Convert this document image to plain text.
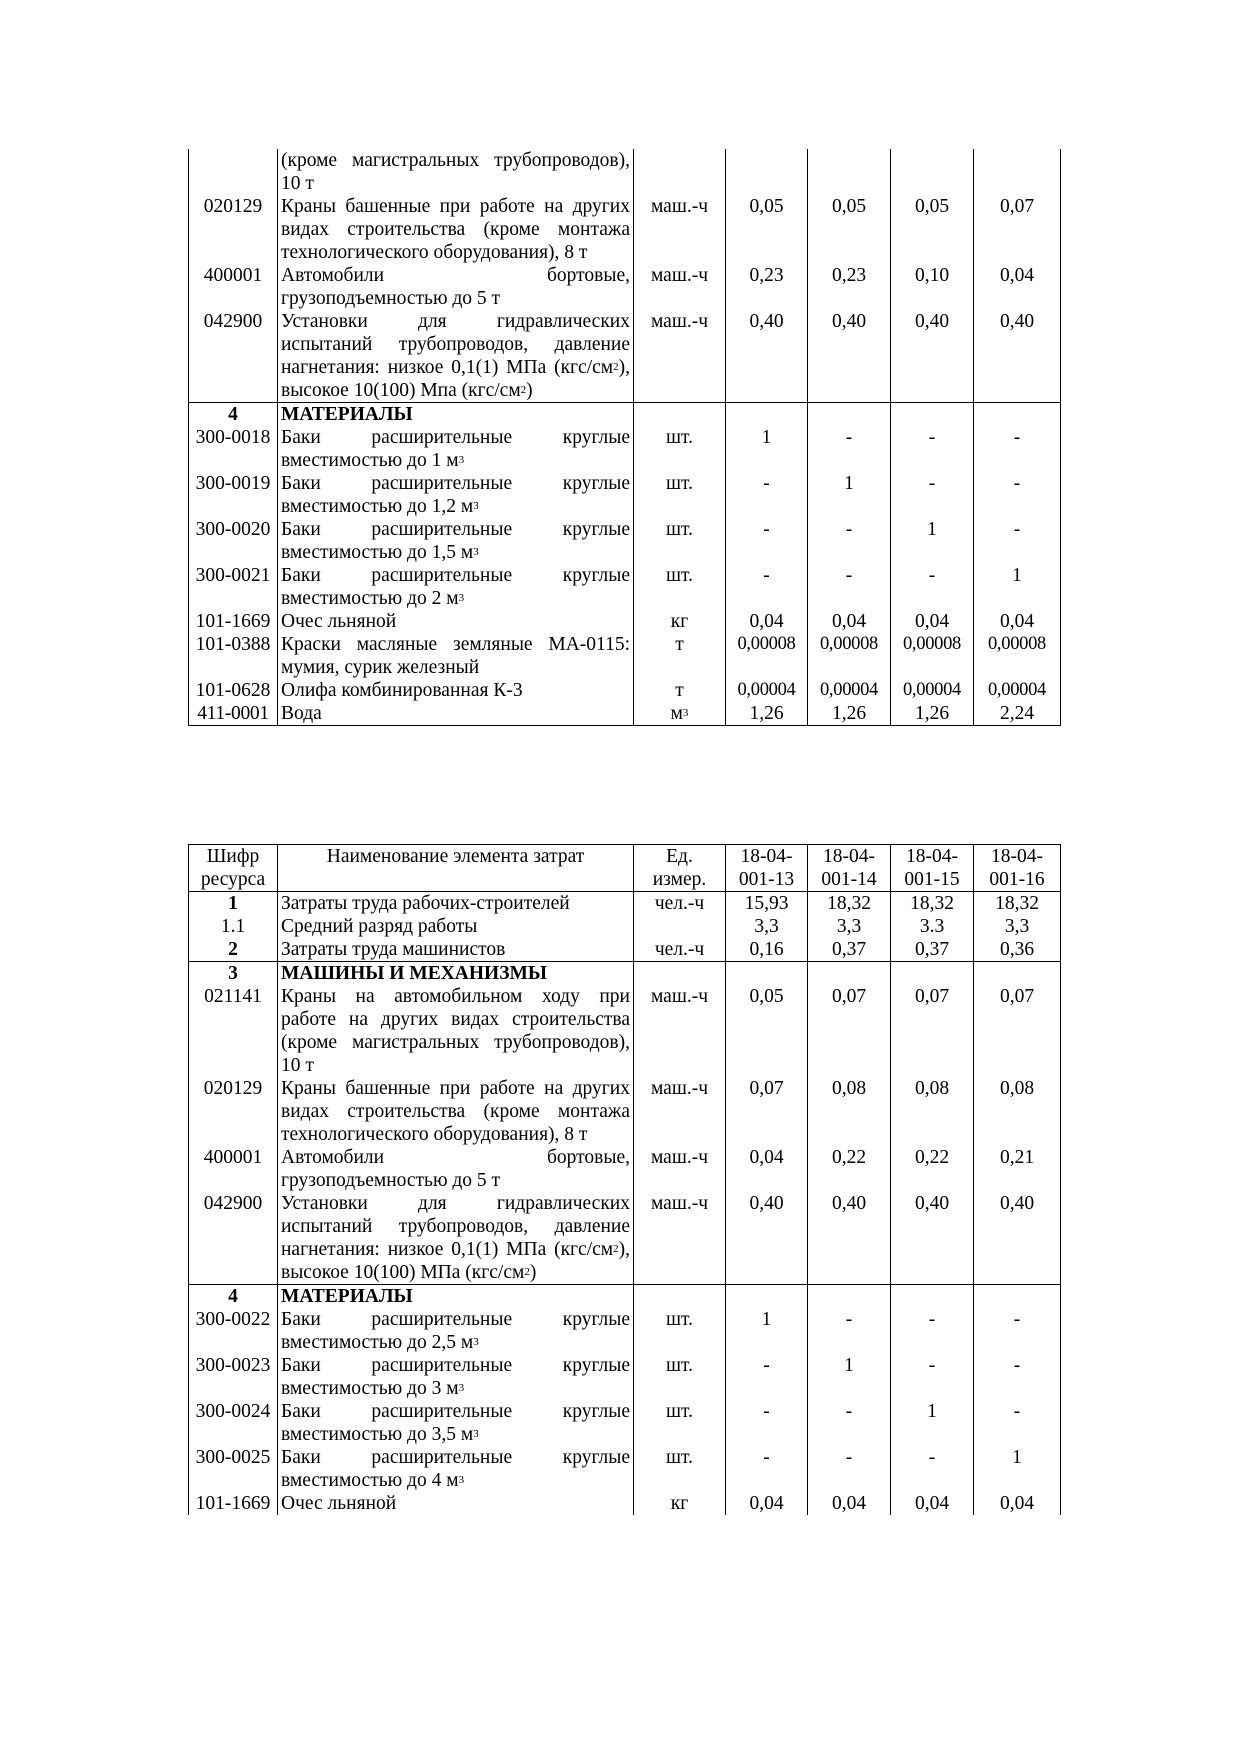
	(кроме магистральных трубопроводов), 10 т					
020129	Краны башенные при работе на других видах строительства (кроме монтажа технологического оборудования), 8 т	маш.-ч	0,05	0,05	0,05	0,07
400001	Автомобили бортовые, грузоподъемностью до 5 т	маш.-ч	0,23	0,23	0,10	0,04
042900	Установки для гидравлических испытаний трубопроводов, давление нагнетания: низкое 0,1(1) МПа $(кгс/см^2)$, высокое 10(100) Мпа $(кгс/см^2)$	маш.-ч	0,40	0,40	0,40	0,40
4	МАТЕРИАЛЫ					
300-0018	Баки расширительные круглые вместимостью до 1 $м^3$	шт.	1	-	-	-
300-0019	Баки расширительные круглые вместимостью до 1,2 $м^3$	шт.	-	1	-	-
300-0020	Баки расширительные круглые вместимостью до 1,5 $м^3$	шт.	-	-	1	-
300-0021	Баки расширительные круглые вместимостью до 2 $м^3$	шт.	-	-	-	1
101-1669	Очес льняной	кг	0,04	0,04	0,04	0,04
101-0388	Краски масляные земляные МА-0115: мумия, сурик железный	т	0,00008	0,00008	0,00008	0,00008
101-0628	Олифа комбинированная К-3	т	0,00004	0,00004	0,00004	0,00004
411-0001	Вода	$м^3$	1,26	1,26	1,26	2,24
Шифр ресурса	Наименование элемента затрат	Ед. измер.	18-04-001-13	18-04-001-14	18-04-001-15	18-04-001-16
1	Затраты труда рабочих-строителей	чел.-ч	15,93	18,32	18,32	18,32
1.1	Средний разряд работы		3,3	3,3	3.3	3,3
2	Затраты труда машинистов	чел.-ч	0,16	0,37	0,37	0,36
3	МАШИНЫ И МЕХАНИЗМЫ					
021141	Краны на автомобильном ходу при работе на других видах строительства (кроме магистральных трубопроводов), 10 т	маш.-ч	0,05	0,07	0,07	0,07
020129	Краны башенные при работе на других видах строительства (кроме монтажа технологического оборудования), 8 т	маш.-ч	0,07	0,08	0,08	0,08
400001	Автомобили бортовые, грузоподъемностью до 5 т	маш.-ч	0,04	0,22	0,22	0,21
042900	Установки для гидравлических испытаний трубопроводов, давление нагнетания: низкое 0,1(1) МПа $(кгс/см^2)$, высокое 10(100) МПа $(кгс/см^2)$	маш.-ч	0,40	0,40	0,40	0,40
4	МАТЕРИАЛЫ					
300-0022	Баки расширительные круглые вместимостью до 2,5 $м^3$	шт.	1	-	-	-
300-0023	Баки расширительные круглые вместимостью до 3 $м^3$	шт.	-	1	-	-
300-0024	Баки расширительные круглые вместимостью до 3,5 $м^3$	шт.	-	-	1	-
300-0025	Баки расширительные круглые вместимостью до 4 $м^3$	шт.	-	-	-	1
101-1669	Очес льняной	кг	0,04	0,04	0,04	0,04
